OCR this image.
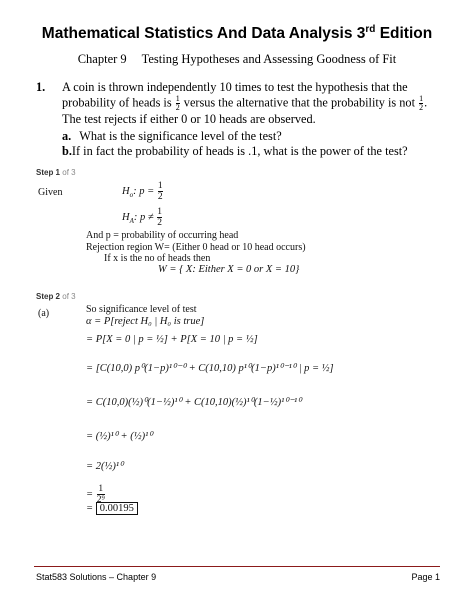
Mathematical Statistics And Data Analysis 3rd Edition
Chapter 9 Testing Hypotheses and Assessing Goodness of Fit
1. A coin is thrown independently 10 times to test the hypothesis that the probability of heads is $\frac{1}{2}$ versus the alternative that the probability is not $\frac{1}{2}$ . The test rejects if either 0 or 10 heads are observed.
a. What is the significance level of the test?
b.If in fact the probability of heads is .1, what is the power of the test?
Step 1 of 3
Given	$H_o$: $p = \frac{1}{2}$
$H_A$: $p \ne \frac{1}{2}$
And p = probability of occurring head
Rejection region W= (Either 0 head or 10 head occurs)
If x is the no of heads then
W = { X: Either X = 0 or X = 10}
Step 2 of 3
(a)	So significance level of test
α = P[reject H₀ | H₀ is true]
= P[X = 0 | p = ½] + P[X = 10 | p = ½]
= [C(10,0) p⁰(1−p)¹⁰⁻⁰ + C(10,10) p¹⁰(1−p)¹⁰⁻¹⁰ | p = ½]
= C(10,0)(½)⁰(1−½)¹⁰ + C(10,10)(½)¹⁰(1−½)¹⁰⁻¹⁰
= (½)¹⁰ + (½)¹⁰
= 2(½)¹⁰
= $\frac{1}{\text{2⁹}}$
= 0.00195
Stat583 Solutions – Chapter 9	Page 1
